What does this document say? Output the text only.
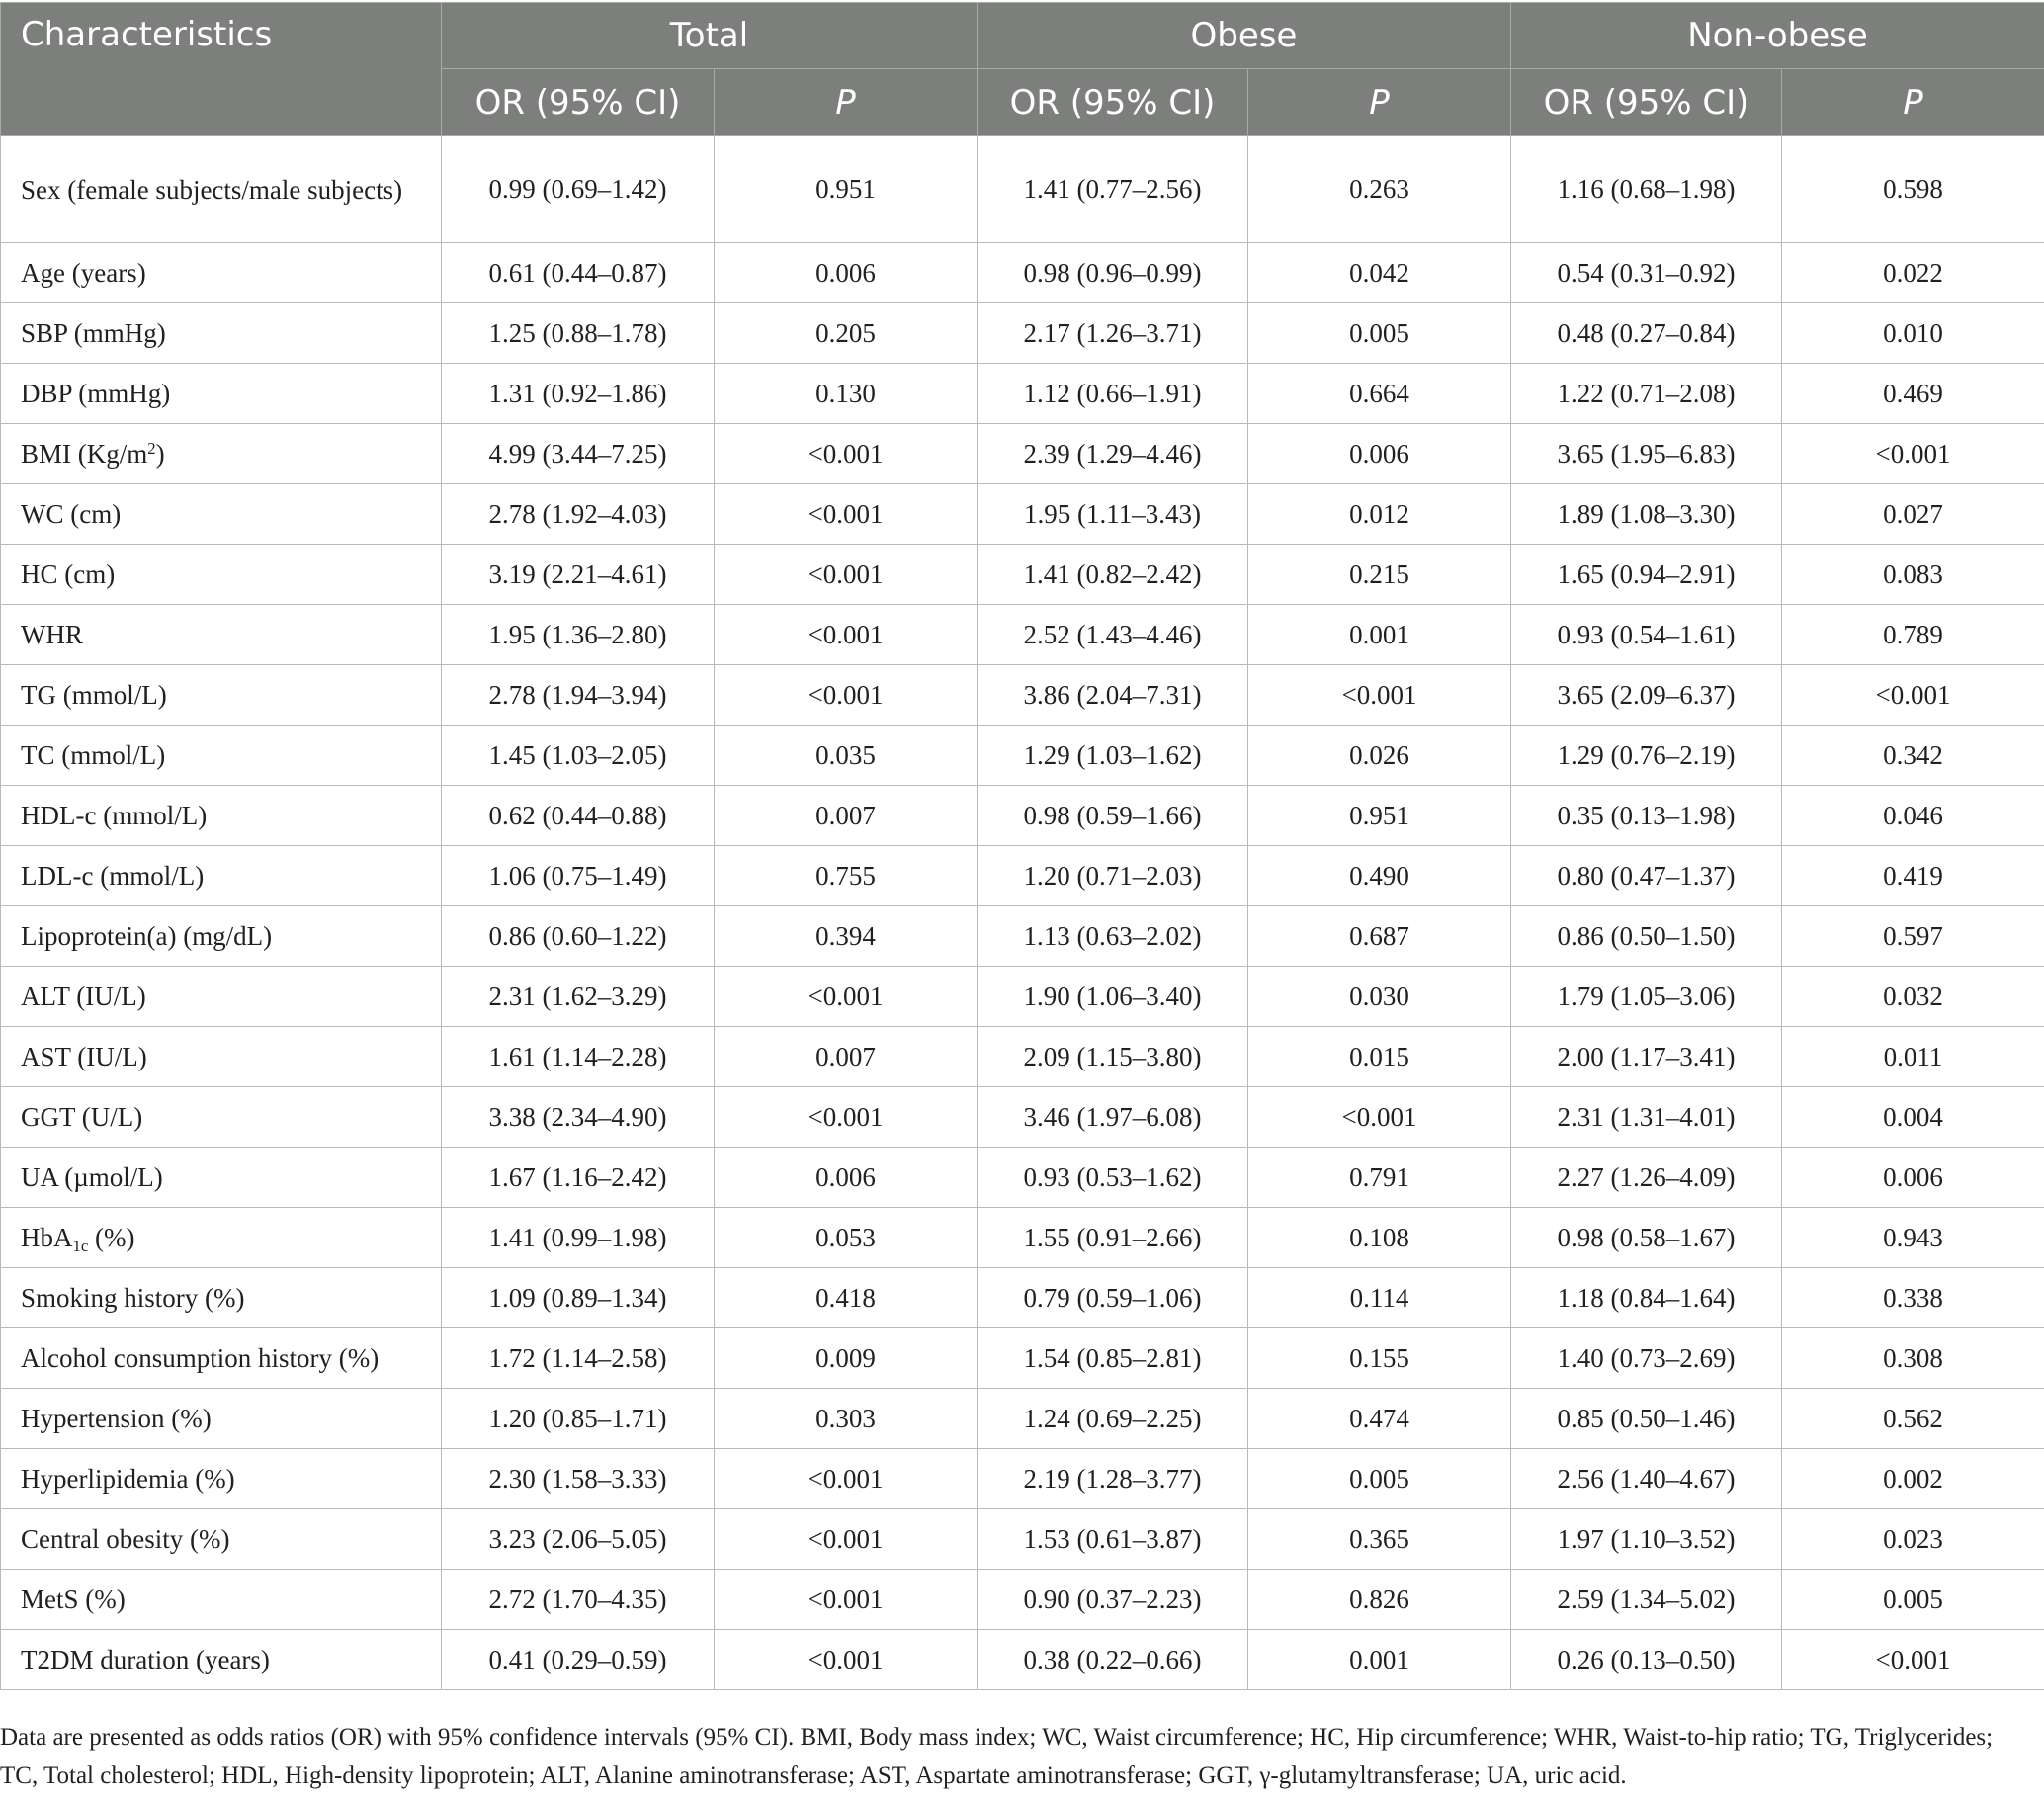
Characteristics	Total		Obese		Non-obese	
	OR (95% CI)	P	OR (95% CI)	P	OR (95% CI)	P
Sex (female subjects/male subjects)	0.99 (0.69–1.42)	0.951	1.41 (0.77–2.56)	0.263	1.16 (0.68–1.98)	0.598
Age (years)	0.61 (0.44–0.87)	0.006	0.98 (0.96–0.99)	0.042	0.54 (0.31–0.92)	0.022
SBP (mmHg)	1.25 (0.88–1.78)	0.205	2.17 (1.26–3.71)	0.005	0.48 (0.27–0.84)	0.010
DBP (mmHg)	1.31 (0.92–1.86)	0.130	1.12 (0.66–1.91)	0.664	1.22 (0.71–2.08)	0.469
BMI $(Kg/m^2)$	4.99 (3.44–7.25)	<0.001	2.39 (1.29–4.46)	0.006	3.65 (1.95–6.83)	<0.001
WC (cm)	2.78 (1.92–4.03)	<0.001	1.95 (1.11–3.43)	0.012	1.89 (1.08–3.30)	0.027
HC (cm)	3.19 (2.21–4.61)	<0.001	1.41 (0.82–2.42)	0.215	1.65 (0.94–2.91)	0.083
WHR	1.95 (1.36–2.80)	<0.001	2.52 (1.43–4.46)	0.001	0.93 (0.54–1.61)	0.789
TG (mmol/L)	2.78 (1.94–3.94)	<0.001	3.86 (2.04–7.31)	<0.001	3.65 (2.09–6.37)	<0.001
TC (mmol/L)	1.45 (1.03–2.05)	0.035	1.29 (1.03–1.62)	0.026	1.29 (0.76–2.19)	0.342
HDL-c (mmol/L)	0.62 (0.44–0.88)	0.007	0.98 (0.59–1.66)	0.951	0.35 (0.13–1.98)	0.046
LDL-c (mmol/L)	1.06 (0.75–1.49)	0.755	1.20 (0.71–2.03)	0.490	0.80 (0.47–1.37)	0.419
Lipoprotein(a) (mg/dL)	0.86 (0.60–1.22)	0.394	1.13 (0.63–2.02)	0.687	0.86 (0.50–1.50)	0.597
ALT (IU/L)	2.31 (1.62–3.29)	<0.001	1.90 (1.06–3.40)	0.030	1.79 (1.05–3.06)	0.032
AST (IU/L)	1.61 (1.14–2.28)	0.007	2.09 (1.15–3.80)	0.015	2.00 (1.17–3.41)	0.011
GGT (U/L)	3.38 (2.34–4.90)	<0.001	3.46 (1.97–6.08)	<0.001	2.31 (1.31–4.01)	0.004
UA (µmol/L)	1.67 (1.16–2.42)	0.006	0.93 (0.53–1.62)	0.791	2.27 (1.26–4.09)	0.006
HbA$_{1c}$ (%)	1.41 (0.99–1.98)	0.053	1.55 (0.91–2.66)	0.108	0.98 (0.58–1.67)	0.943
Smoking history (%)	1.09 (0.89–1.34)	0.418	0.79 (0.59–1.06)	0.114	1.18 (0.84–1.64)	0.338
Alcohol consumption history (%)	1.72 (1.14–2.58)	0.009	1.54 (0.85–2.81)	0.155	1.40 (0.73–2.69)	0.308
Hypertension (%)	1.20 (0.85–1.71)	0.303	1.24 (0.69–2.25)	0.474	0.85 (0.50–1.46)	0.562
Hyperlipidemia (%)	2.30 (1.58–3.33)	<0.001	2.19 (1.28–3.77)	0.005	2.56 (1.40–4.67)	0.002
Central obesity (%)	3.23 (2.06–5.05)	<0.001	1.53 (0.61–3.87)	0.365	1.97 (1.10–3.52)	0.023
MetS (%)	2.72 (1.70–4.35)	<0.001	0.90 (0.37–2.23)	0.826	2.59 (1.34–5.02)	0.005
T2DM duration (years)	0.41 (0.29–0.59)	<0.001	0.38 (0.22–0.66)	0.001	0.26 (0.13–0.50)	<0.001
Data are presented as odds ratios (OR) with 95% confidence intervals (95% CI). BMI, Body mass index; WC, Waist circumference; HC, Hip circumference; WHR, Waist-to-hip ratio; TG, Triglycerides; TC, Total cholesterol; HDL, High-density lipoprotein; ALT, Alanine aminotransferase; AST, Aspartate aminotransferase; GGT, γ-glutamyltransferase; UA, uric acid.
